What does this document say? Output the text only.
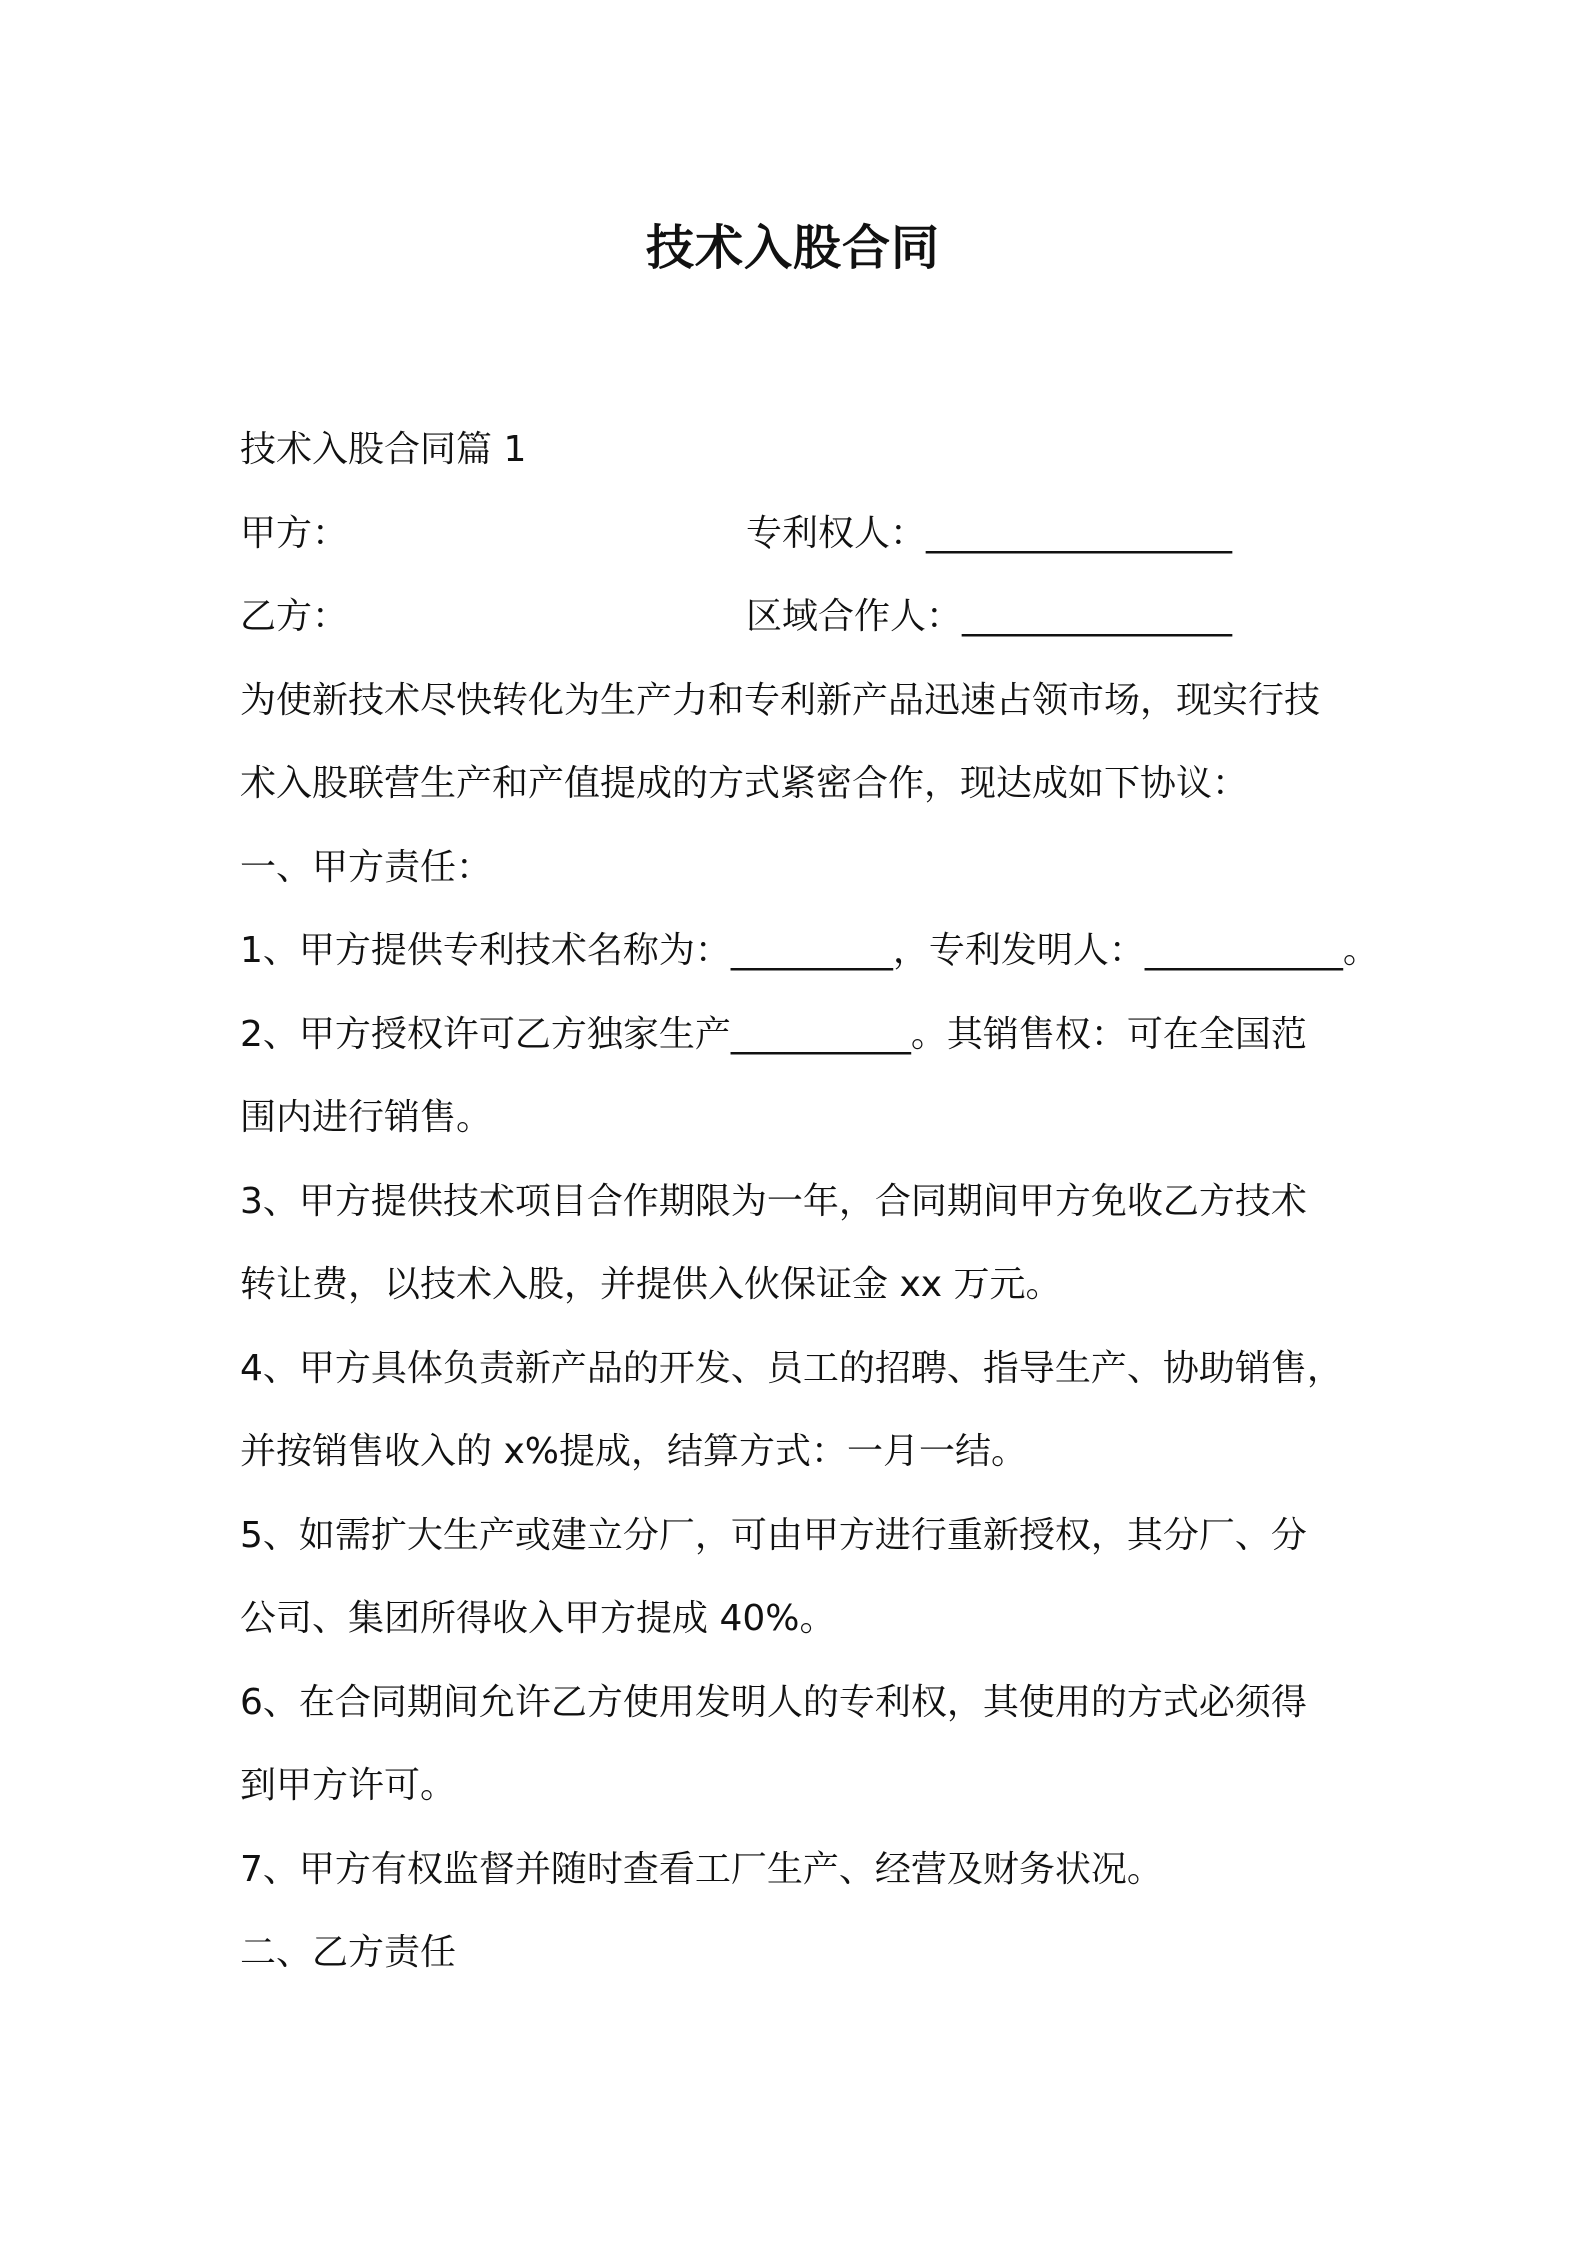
技术入股合同
技术入股合同篇 1
甲方：	专利权人：_________________
乙方：	区域合作人：_______________
为使新技术尽快转化为生产力和专利新产品迅速占领市场，现实行技
术入股联营生产和产值提成的方式紧密合作，现达成如下协议：
一、甲方责任：
1、甲方提供专利技术名称为：_________，专利发明人：___________。
2、甲方授权许可乙方独家生产__________。其销售权：可在全国范
围内进行销售。
3、甲方提供技术项目合作期限为一年，合同期间甲方免收乙方技术
转让费，以技术入股，并提供入伙保证金 xx 万元。
4、甲方具体负责新产品的开发、员工的招聘、指导生产、协助销售，
并按销售收入的 x%提成，结算方式：一月一结。
5、如需扩大生产或建立分厂，可由甲方进行重新授权，其分厂、分
公司、集团所得收入甲方提成 40%。
6、在合同期间允许乙方使用发明人的专利权，其使用的方式必须得
到甲方许可。
7、甲方有权监督并随时查看工厂生产、经营及财务状况。
二、乙方责任
